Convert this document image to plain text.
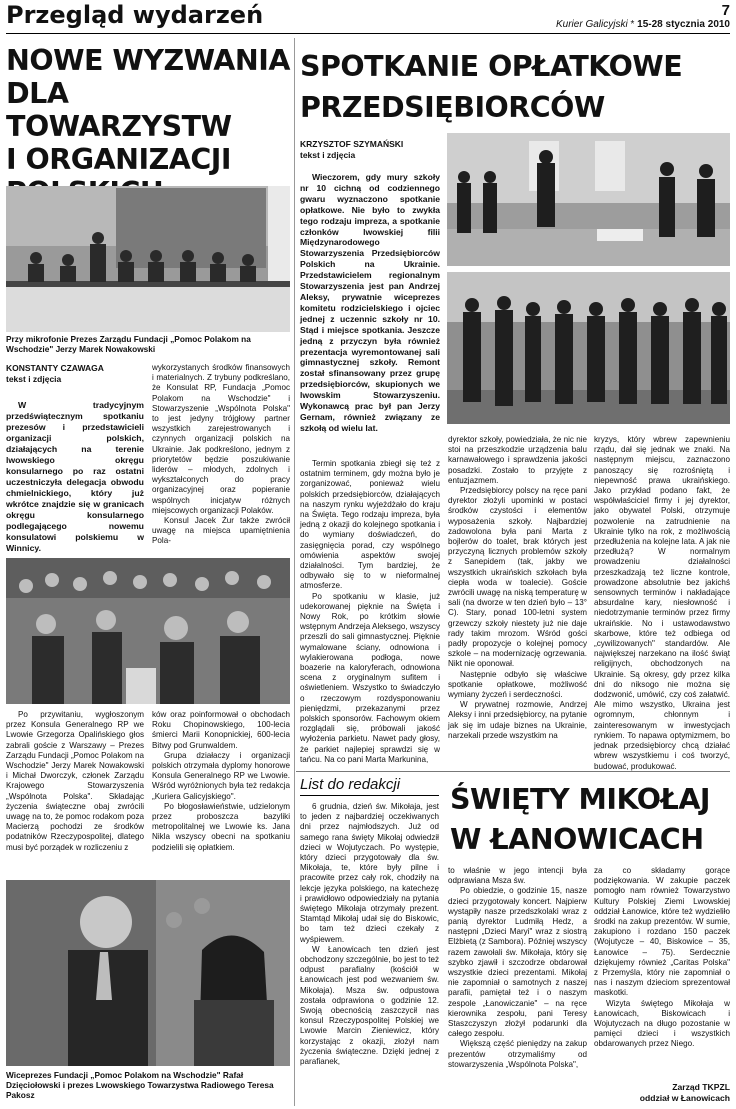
Przegląd wydarzeń	7
Kurier Galicyjski * 15-28 stycznia 2010
NOWE WYZWANIA
DLA TOWARZYSTW
I ORGANIZACJI
Przy mikrofonie Prezes Zarządu Fundacji „Pomoc Polakom na Wschodzie" Jerzy Marek Nowakowski
KONSTANTY CZAWAGA
tekst i zdjęcia

W tradycyjnym przedświątecznym spotkaniu prezesów i przedstawicieli organizacji polskich, działających na terenie lwowskiego okręgu konsularnego po raz ostatni uczestniczyła delegacja obwodu chmielnickiego, który już wkrótce znajdzie się w granicach okręgu konsularnego podlegającego nowemu konsulatowi polskiemu w Winnicy.

wykorzystanych środków finansowych i materialnych. Z trybuny podkreślano, że Konsulat RP, Fundacja „Pomoc Polakom na Wschodzie" i Stowarzyszenie „Wspólnota Polska" to jest jedyny trójgłowy partner wszystkich zarejestrowanych i czynnych organizacji polskich na Ukrainie. Jak podkreślono, jednym z priorytetów będzie poszukiwanie liderów – młodych, zdolnych i wykształconych do pracy organizacyjnej oraz popieranie wspólnych inicjatyw różnych miejscowych organizacji Polaków.

Konsul Jacek Żur także zwrócił uwagę na miejsca upamiętnienia Pola-

Po przywitaniu, wygłoszonym przez Konsula Generalnego RP we Lwowie Grzegorza Opalińskiego głos zabrali goście z Warszawy – Prezes Zarządu Fundacji „Pomoc Polakom na Wschodzie" Jerzy Marek Nowakowski i Michał Dworczyk, członek Zarządu Krajowego Stowarzyszenia „Wspólnota Polska". Składając życzenia świąteczne obaj zwrócili uwagę na to, że pomoc rodakom poza Macierzą pochodzi ze środków podatników Rzeczypospolitej, dlatego musi być porządek w rozliczeniu z

ków oraz poinformował o obchodach Roku Chopinowskiego, 100-lecia śmierci Marii Konopnickiej, 600-lecia Bitwy pod Grunwaldem.

Grupa działaczy i organizacji polskich otrzymała dyplomy honorowe Konsula Generalnego RP we Lwowie. Wśród wyróżnionych była też redakcja „Kuriera Galicyjskiego".

Po błogosławieństwie, udzielonym przez proboszcza bazyliki metropolitalnej we Lwowie ks. Jana Nikla wszyscy obecni na spotkaniu podzielili się opłatkiem.

Wiceprezes Fundacji „Pomoc Polakom na Wschodzie" Rafał Dzięciołowski i prezes Lwowskiego Towarzystwa Radiowego Teresa Pakosz
SPOTKANIE OPŁATKOWE
PRZEDSIĘBIORCÓW
KRZYSZTOF SZYMAŃSKI
tekst i zdjęcia

Wieczorem, gdy mury szkoły nr 10 cichną od codziennego gwaru wyznaczono spotkanie opłatkowe. Nie było to zwykła tego rodzaju impreza, a spotkanie członków lwowskiej filii Międzynarodowego Stowarzyszenia Przedsiębiorców Polskich na Ukrainie. Przedstawicielem regionalnym Stowarzyszenia jest pan Andrzej Aleksy, prywatnie wiceprezes komitetu rodzicielskiego i ojciec jednej z uczennic szkoły nr 10. Stąd i miejsce spotkania. Jeszcze jedną z przyczyn była również prezentacja wyremontowanej sali gimnastycznej szkoły. Remont został sfinansowany przez grupę przedsiębiorców, skupionych we lwowskim Stowarzyszeniu. Wykonawcą prac był pan Jerzy Gernam, również związany ze szkołą od wielu lat.

Termin spotkania zbiegł się też z ostatnim terminem, gdy można było je zorganizować, ponieważ wielu polskich przedsiębiorców, działających na naszym rynku wyjeżdżało do kraju na Święta. Tego rodzaju impreza, była jedną z okazji do kolejnego spotkania i do wymiany doświadczeń, do zasięgnięcia porad, czy wspólnego omówienia aspektów swojej działalności. Tym bardziej, że odbywało się to w nieformalnej atmosferze.

Po spotkaniu w klasie, już udekorowanej pięknie na Święta i Nowy Rok, po krótkim słowie wstępnym Andrzeja Aleksego, wszyscy przeszli do sali gimnastycznej. Pięknie wymalowane ściany, odnowiona i wylakierowana podłoga, nowe boazerie na kaloryferach, odnowiona scena z oryginalnym sufitem i oświetleniem. Wszystko to świadczyło o rzeczowym rozdysponowaniu pieniędzmi, przekazanymi przez polskich sponsorów. Fachowym okiem rozglądali się, próbowali jakość wyłożenia parkietu. Nawet pady głosy, że parkiet najlepiej sprawdzi się w tańcu. Na co pani Marta Markunina,

dyrektor szkoły, powiedziała, że nic nie stoi na przeszkodzie urządzenia balu karnawałowego i sprawdzenia jakości posadzki. Zostało to przyjęte z entuzjazmem.

Przedsiębiorcy polscy na ręce pani dyrektor złożyli upominki w postaci środków czystości i elementów wyposażenia szkoły. Najbardziej zadowolona była pani Marta z bojlerów do toalet, brak których jest przyczyną licznych problemów szkoły z Sanepidem (tak, jakby we wszystkich ukraińskich szkołach była ciepła woda w toalecie). Goście zwrócili uwagę na niską temperaturę w sali (na dworze w ten dzień było – 13° C). Stary, ponad 100-letni system grzewczy szkoły niestety już nie daje rady takim mrozom. Wśród gości padły propozycje o kolejnej pomocy szkole – na modernizację ogrzewania. Nikt nie oponował.

Następnie odbyło się właściwe spotkanie opłatkowe, możliwość wymiany życzeń i serdeczności.

W prywatnej rozmowie, Andrzej Aleksy i inni przedsiębiorcy, na pytanie jak się im udaje biznes na Ukrainie, narzekali przede wszystkim na

kryzys, który wbrew zapewnieniu rządu, dał się jednak we znaki. Na następnym miejscu, zaznaczono panoszący się rozrośniętą i niepewność prawa ukraińskiego. Jako przykład podano fakt, że współwłaściciel firmy i jej dyrektor, jako obywatel Polski, otrzymuje pozwolenie na zatrudnienie na Ukrainie tylko na rok, z możliwością przedłużenia na kolejne lata. A jak nie przedłużą? W normalnym prowadzeniu działalności przeszkadzają też liczne kontrole, prowadzone absolutnie bez jakichś sensownych terminów i nakładające absurdalne kary, niesłowność i niedotrzymanie terminów przez firmy ukraińskie. No i ustawodawstwo skarbowe, które też odbiega od „cywilizowanych" standardów. Ale największej narzekano na ilość świąt religijnych, obchodzonych na Ukrainie. Są okresy, gdy przez kilka dni do niksogo nie można się dodzwonić, umówić, czy coś załatwić. Ale mimo wszystko, Ukraina jest ogromnym, chłonnym i zainteresowanym w inwestycjach rynkiem. To napawa optymizmem, bo jednak przedsiębiorcy chcą działać wbrew wszystkiemu i coś tworzyć, budować, produkować.

List do redakcji

6 grudnia, dzień św. Mikołaja, jest to jeden z najbardziej oczekiwanych dni przez najmłodszych. Już od samego rana święty Mikołaj odwiedził dzieci w Wojutyczach. Po występie, który dzieci przygotowały dla św. Mikołaja, te, które były pilne i pracowite przez cały rok, chodziły na lekcje języka polskiego, na katechezę i prawidłowo odpowiedziały na pytania świętego Mikołaja otrzymały prezent. Stamtąd Mikołaj udał się do Biskowic, bo tam też dzieci czekały z wyśpiewem.

W Łanowicach ten dzień jest obchodzony szczególnie, bo jest to też odpust parafialny (kościół w Łanowicach jest pod wezwaniem św. Mikołaja). Msza św. odpustowa została odprawiona o godzinie 12. Swoją obecnością zaszczycił nas konsul Rzeczypospolitej Polskiej we Lwowie Marcin Zieniewicz, który korzystając z okazji, złożył nam życzenia świąteczne. Dzięki jednej z parafianek,

ŚWIĘTY MIKOŁAJ
W ŁANOWICACH

to właśnie w jego intencji była odprawiana Msza św.

Po obiedzie, o godzinie 15, nasze dzieci przygotowały koncert. Najpierw wystąpiły nasze przedszkolaki wraz z panią dyrektor Ludmiłą Hedz, a następni „Dzieci Maryi" wraz z siostrą Elżbietą (z Sambora). Później wszyscy razem zawołali św. Mikołaja, który się szybko zjawił i szczodrze obdarował wszystkie dzieci prezentami. Mikołaj nie zapomniał o samotnych z naszej parafii, pamiętał też i o naszym zespole „Łanowiczanie" – na ręce kierownika zespołu, pani Teresy Staszczyszyn złożył podarunki dla całego zespołu.

Większą część pieniędzy na zakup prezentów otrzymaliśmy od stowarzyszenia „Wspólnota Polska",

za co składamy gorące podziękowania. W zakupie paczek pomogło nam również Towarzystwo Kultury Polskiej Ziemi Lwowskiej oddział Łanowice, które też wydzieliło środki na zakup prezentów. W sumie, zakupiono i rozdano 150 paczek (Wojutycze – 40, Biskowice – 35, Łanowice – 75). Serdecznie dziękujemy również „Caritas Polska" z Przemyśla, który nie zapomniał o nas i naszym dzieciom sprezentował maskotki.

Wizyta świętego Mikołaja w Łanowicach, Biskowicach i Wojutyczach na długo pozostanie w pamięci dzieci i wszystkich obdarowanych przez Niego.

Zarząd TKPZL
oddział w Łanowicach
